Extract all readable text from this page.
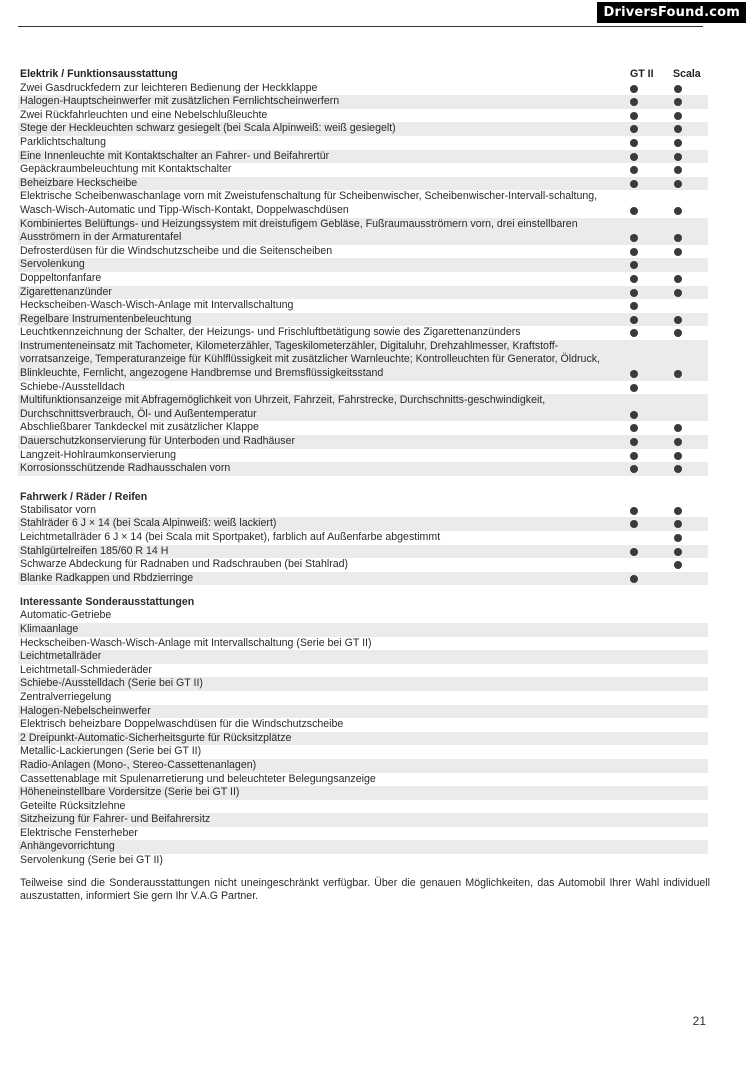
DriversFound.com
Elektrik / Funktionsausstattung	GT II Scala
Zwei Gasdruckfedern zur leichteren Bedienung der Heckklappe
Halogen-Hauptscheinwerfer mit zusätzlichen Fernlichtscheinwerfern
Zwei Rückfahrleuchten und eine Nebelschlußleuchte
Stege der Heckleuchten schwarz gesiegelt (bei Scala Alpinweiß: weiß gesiegelt)
Parklichtschaltung
Eine Innenleuchte mit Kontaktschalter an Fahrer- und Beifahrertür
Gepäckraumbeleuchtung mit Kontaktschalter
Beheizbare Heckscheibe
Elektrische Scheibenwaschanlage vorn mit Zweistufenschaltung für Scheibenwischer, Scheibenwischer-Intervall-schaltung, Wasch-Wisch-Automatic und Tipp-Wisch-Kontakt, Doppelwaschdüsen
Kombiniertes Belüftungs- und Heizungssystem mit dreistufigem Gebläse, Fußraumausströmern vorn, drei einstellbaren Ausströmern in der Armaturentafel
Defrosterdüsen für die Windschutzscheibe und die Seitenscheiben
Servolenkung
Doppeltonfanfare
Zigarettenanzünder
Heckscheiben-Wasch-Wisch-Anlage mit Intervallschaltung
Regelbare Instrumentenbeleuchtung
Leuchtkennzeichnung der Schalter, der Heizungs- und Frischluftbetätigung sowie des Zigarettenanzünders
Instrumenteneinsatz mit Tachometer, Kilometerzähler, Tageskilometerzähler, Digitaluhr, Drehzahlmesser, Kraftstoff-vorratsanzeige, Temperaturanzeige für Kühlflüssigkeit mit zusätzlicher Warnleuchte; Kontrolleuchten für Generator, Öldruck, Blinkleuchte, Fernlicht, angezogene Handbremse und Bremsflüssigkeitsstand
Schiebe-/Ausstelldach
Multifunktionsanzeige mit Abfragemöglichkeit von Uhrzeit, Fahrzeit, Fahrstrecke, Durchschnitts-geschwindigkeit, Durchschnittsverbrauch, Öl- und Außentemperatur
Abschließbarer Tankdeckel mit zusätzlicher Klappe
Dauerschutzkonservierung für Unterboden und Radhäuser
Langzeit-Hohlraumkonservierung
Korrosionsschützende Radhausschalen vorn
Fahrwerk / Räder / Reifen
Stabilisator vorn
Stahlräder 6 J × 14 (bei Scala Alpinweiß: weiß lackiert)
Leichtmetallräder 6 J × 14 (bei Scala mit Sportpaket), farblich auf Außenfarbe abgestimmt
Stahlgürtelreifen 185/60 R 14 H
Schwarze Abdeckung für Radnaben und Radschrauben (bei Stahlrad)
Blanke Radkappen und Rbdzierringe
Interessante Sonderausstattungen
Automatic-Getriebe
Klimaanlage
Heckscheiben-Wasch-Wisch-Anlage mit Intervallschaltung (Serie bei GT II)
Leichtmetallräder
Leichtmetall-Schmiederäder
Schiebe-/Ausstelldach (Serie bei GT II)
Zentralverriegelung
Halogen-Nebelscheinwerfer
Elektrisch beheizbare Doppelwaschdüsen für die Windschutzscheibe
2 Dreipunkt-Automatic-Sicherheitsgurte für Rücksitzplätze
Metallic-Lackierungen (Serie bei GT II)
Radio-Anlagen (Mono-, Stereo-Cassettenanlagen)
Cassettenablage mit Spulenarretierung und beleuchteter Belegungsanzeige
Höheneinstellbare Vordersitze (Serie bei GT II)
Geteilte Rücksitzlehne
Sitzheizung für Fahrer- und Beifahrersitz
Elektrische Fensterheber
Anhängevorrichtung
Servolenkung (Serie bei GT II)
Teilweise sind die Sonderausstattungen nicht uneingeschränkt verfügbar. Über die genauen Möglichkeiten, das Automobil Ihrer Wahl individuell auszustatten, informiert Sie gern Ihr V.A.G Partner.
21
